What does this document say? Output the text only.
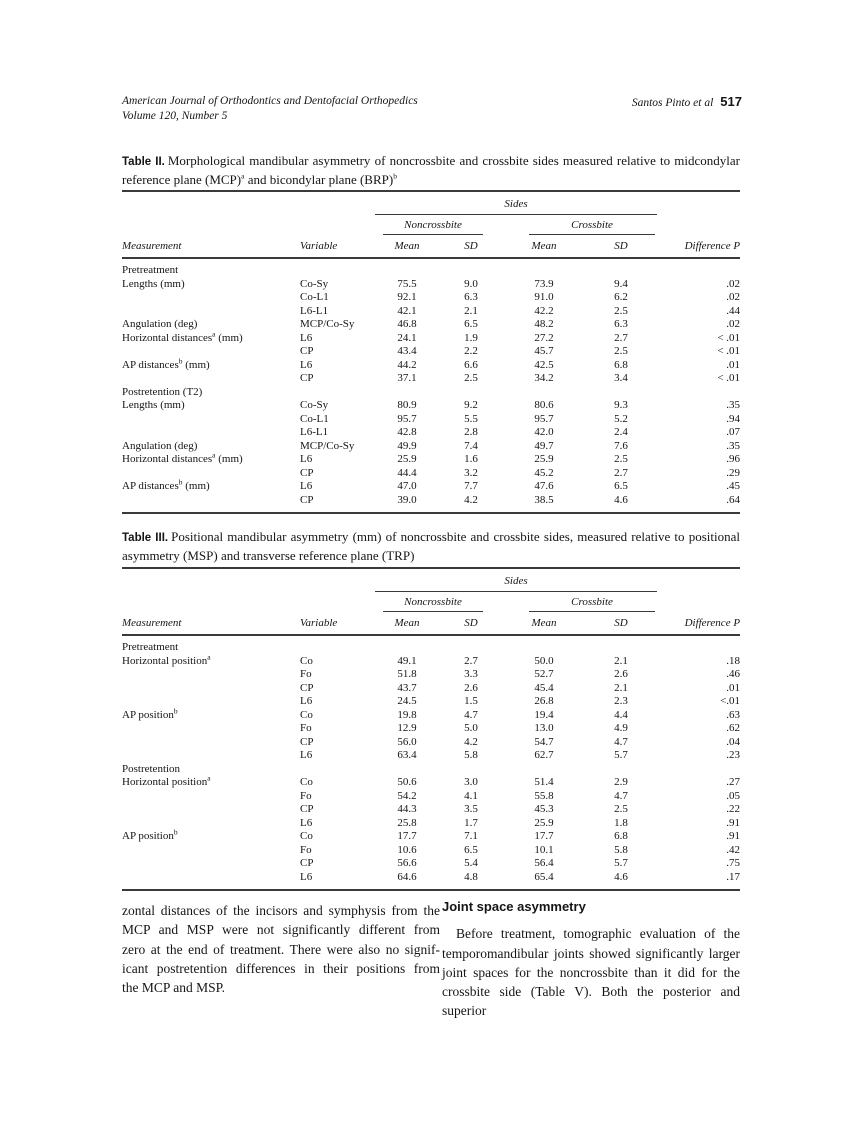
American Journal of Orthodontics and Dentofacial Orthopedics
Volume 120, Number 5
Santos Pinto et al 517
Table II. Morphological mandibular asymmetry of noncrossbite and crossbite sides measured relative to midcondylar reference plane (MCP)$^a$ and bicondylar plane (BRP)$^b$
		Sides				

		Noncrossbite		Crossbite		

Measurement	Variable	Mean	SD	Mean	SD	Difference P
Pretreatment						
Lengths (mm)	Co-Sy	75.5	9.0	73.9	9.4	.02
	Co-L1	92.1	6.3	91.0	6.2	.02
	L6-L1	42.1	2.1	42.2	2.5	.44
Angulation (deg)	MCP/Co-Sy	46.8	6.5	48.2	6.3	.02
Horizontal distances$^a$ (mm)	L6	24.1	1.9	27.2	2.7	< .01
	CP	43.4	2.2	45.7	2.5	< .01
AP distances$^b$ (mm)	L6	44.2	6.6	42.5	6.8	.01
	CP	37.1	2.5	34.2	3.4	< .01
Postretention (T2)						
Lengths (mm)	Co-Sy	80.9	9.2	80.6	9.3	.35
	Co-L1	95.7	5.5	95.7	5.2	.94
	L6-L1	42.8	2.8	42.0	2.4	.07
Angulation (deg)	MCP/Co-Sy	49.9	7.4	49.7	7.6	.35
Horizontal distances$^a$ (mm)	L6	25.9	1.6	25.9	2.5	.96
	CP	44.4	3.2	45.2	2.7	.29
AP distances$^b$ (mm)	L6	47.0	7.7	47.6	6.5	.45
	CP	39.0	4.2	38.5	4.6	.64
Table III. Positional mandibular asymmetry (mm) of noncrossbite and crossbite sides, measured relative to positional asymmetry (MSP) and transverse reference plane (TRP)
		Sides				

		Noncrossbite		Crossbite		

Measurement	Variable	Mean	SD	Mean	SD	Difference P
Pretreatment						
Horizontal position$^a$	Co	49.1	2.7	50.0	2.1	.18
	Fo	51.8	3.3	52.7	2.6	.46
	CP	43.7	2.6	45.4	2.1	.01
	L6	24.5	1.5	26.8	2.3	<.01
AP position$^b$	Co	19.8	4.7	19.4	4.4	.63
	Fo	12.9	5.0	13.0	4.9	.62
	CP	56.0	4.2	54.7	4.7	.04
	L6	63.4	5.8	62.7	5.7	.23
Postretention						
Horizontal position$^a$	Co	50.6	3.0	51.4	2.9	.27
	Fo	54.2	4.1	55.8	4.7	.05
	CP	44.3	3.5	45.3	2.5	.22
	L6	25.8	1.7	25.9	1.8	.91
AP position$^b$	Co	17.7	7.1	17.7	6.8	.91
	Fo	10.6	6.5	10.1	5.8	.42
	CP	56.6	5.4	56.4	5.7	.75
	L6	64.6	4.8	65.4	4.6	.17
zontal distances of the incisors and symphysis from the
MCP and MSP were not significantly different from
zero at the end of treatment. There were also no signif-
icant postretention differences in their positions from
the MCP and MSP.
Joint space asymmetry
Before treatment, tomographic evaluation of the
temporomandibular joints showed significantly larger
joint spaces for the noncrossbite than it did for the
crossbite side (Table V). Both the posterior and superior
